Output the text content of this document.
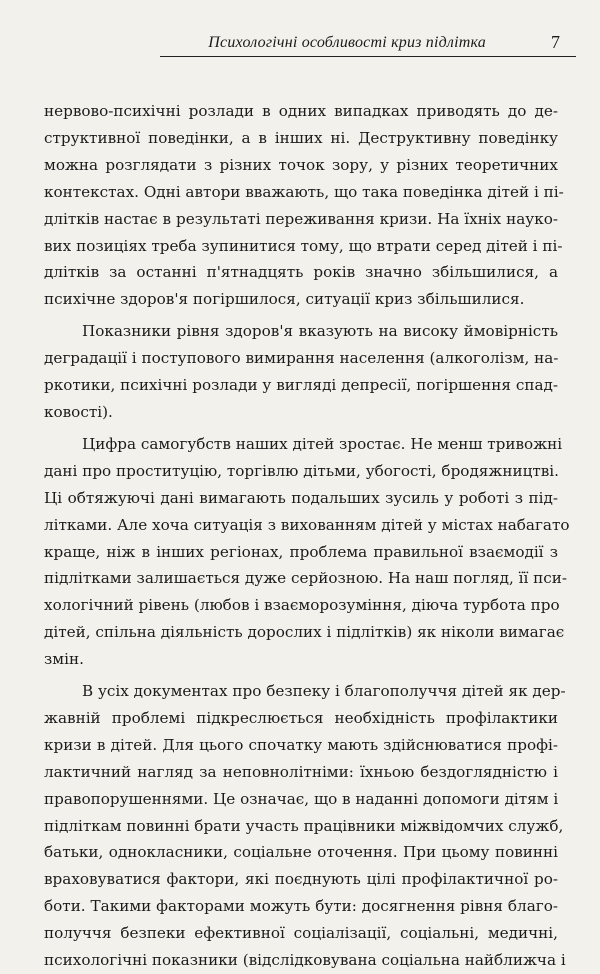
Психологічні особливості криз підлітка	7

нервово-психічні розлади в одних випадках приводять до де-
структивної поведінки, а в інших ні. Деструктивну поведінку
можна розглядати з різних точок зору, у різних теоретичних
контекстах. Одні автори вважають, що така поведінка дітей і пі-
длітків настає в результаті переживання кризи. На їхніх науко-
вих позиціях треба зупинитися тому, що втрати серед дітей і пі-
длітків за останні п'ятнадцять років значно збільшилися, а
психічне здоров'я погіршилося, ситуації криз збільшилися.

Показники рівня здоров'я вказують на високу ймовірність
деградації і поступового вимирання населення (алкоголізм, на-
ркотики, психічні розлади у вигляді депресії, погіршення спад-
ковості).

Цифра самогубств наших дітей зростає. Не менш тривожні
дані про проституцію, торгівлю дітьми, убогості, бродяжництві.
Ці обтяжуючі дані вимагають подальших зусиль у роботі з під-
літками. Але хоча ситуація з вихованням дітей у містах набагато
краще, ніж в інших регіонах, проблема правильної взаємодії з
підлітками залишається дуже серйозною. На наш погляд, її пси-
хологічний рівень (любов і взаєморозуміння, діюча турбота про
дітей, спільна діяльність дорослих і підлітків) як ніколи вимагає
змін.

В усіх документах про безпеку і благополуччя дітей як дер-
жавній проблемі підкреслюється необхідність профілактики
кризи в дітей. Для цього спочатку мають здійснюватися профі-
лактичний нагляд за неповнолітніми: їхньою бездоглядністю і
правопорушеннями. Це означає, що в наданні допомоги дітям і
підліткам повинні брати участь працівники міжвідомчих служб,
батьки, однокласники, соціальне оточення. При цьому повинні
враховуватися фактори, які поєднують цілі профілактичної ро-
боти. Такими факторами можуть бути: досягнення рівня благо-
получчя безпеки ефективної соціалізації, соціальні, медичні,
психологічні показники (відслідковувана соціальна найближча і
